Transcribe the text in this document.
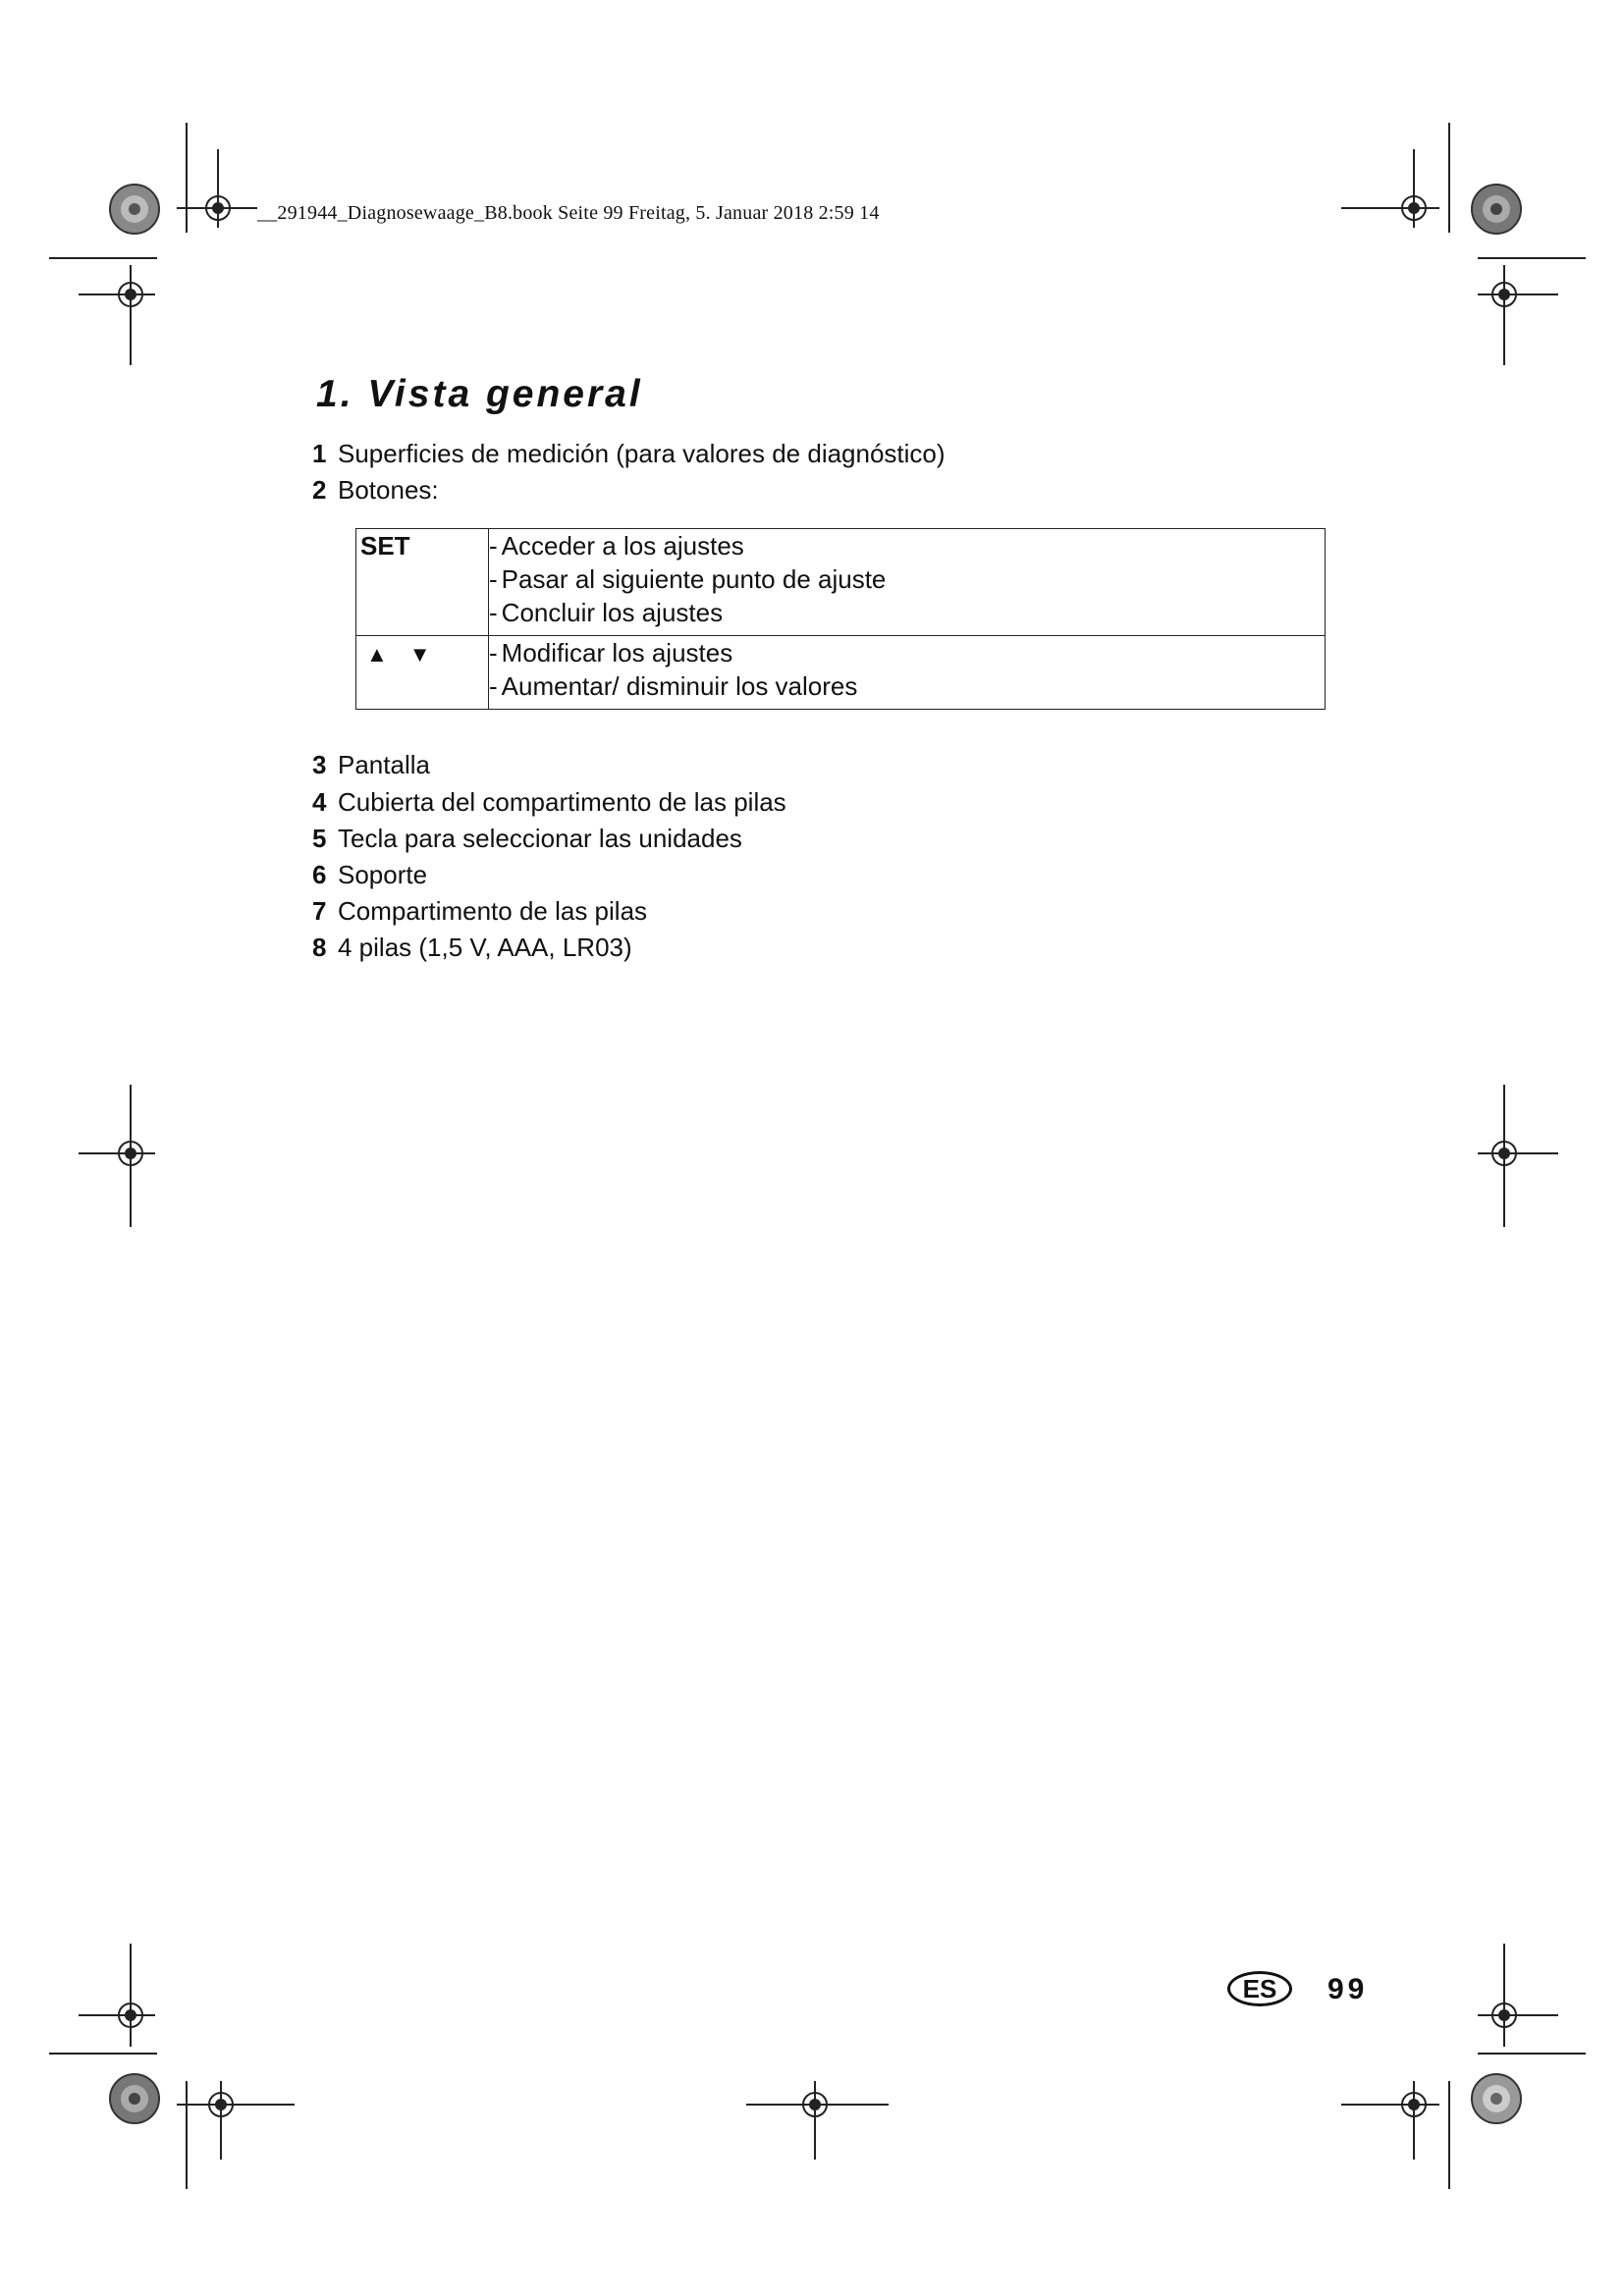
__291944_Diagnosewaage_B8.book Seite 99 Freitag, 5. Januar 2018 2:59 14
1. Vista general
1 Superficies de medición (para valores de diagnóstico)
2 Botones:
SET	- Acceder a los ajustes
- Pasar al siguiente punto de ajuste
- Concluir los ajustes

▲ ▼	- Modificar los ajustes
- Aumentar/ disminuir los valores
3 Pantalla
4 Cubierta del compartimento de las pilas
5 Tecla para seleccionar las unidades
6 Soporte
7 Compartimento de las pilas
8 4 pilas (1,5 V, AAA, LR03)
ES	99
